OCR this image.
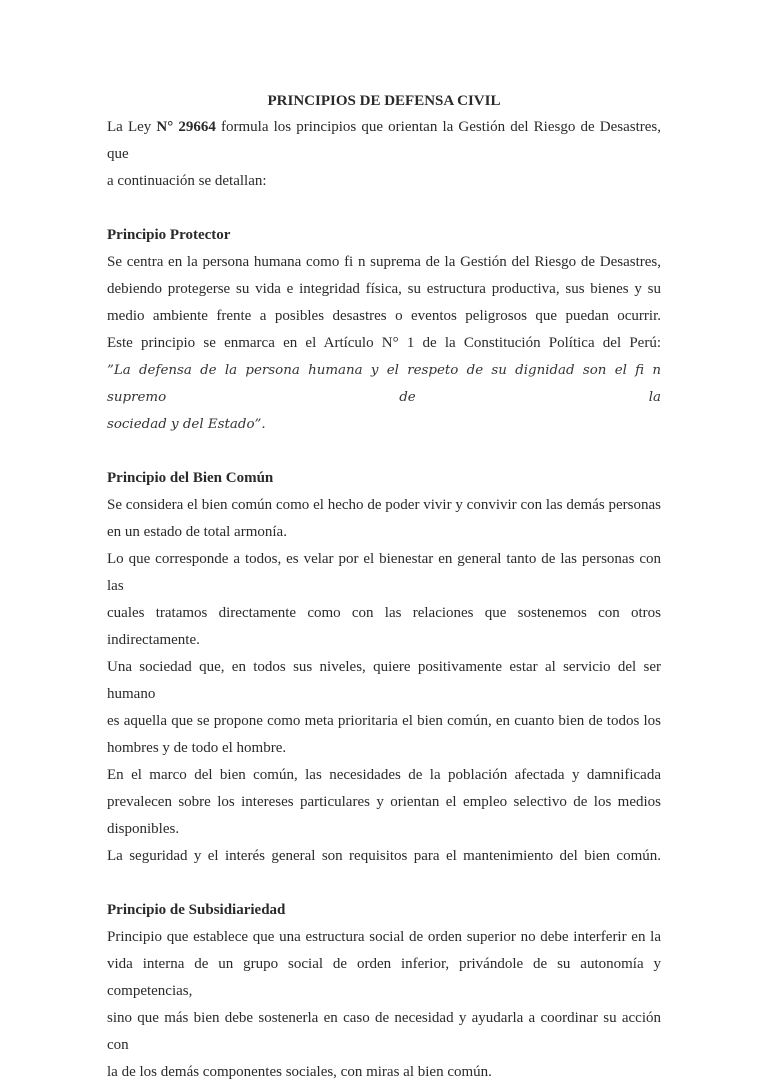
PRINCIPIOS DE DEFENSA CIVIL
La Ley N° 29664 formula los principios que orientan la Gestión del Riesgo de Desastres, que
a continuación se detallan:
Principio Protector
Se centra en la persona humana como fi n suprema de la Gestión del Riesgo de Desastres,
debiendo protegerse su vida e integridad física, su estructura productiva, sus bienes y su
medio ambiente frente a posibles desastres o eventos peligrosos que puedan ocurrir.
Este principio se enmarca en el Artículo N° 1 de la Constitución Política del Perú:
”La defensa de la persona humana y el respeto de su dignidad son el fi n supremo de la
sociedad y del Estado”.
Principio del Bien Común
Se considera el bien común como el hecho de poder vivir y convivir con las demás personas
en un estado de total armonía.
Lo que corresponde a todos, es velar por el bienestar en general tanto de las personas con las
cuales tratamos directamente como con las relaciones que sostenemos con otros
indirectamente.
Una sociedad que, en todos sus niveles, quiere positivamente estar al servicio del ser humano
es aquella que se propone como meta prioritaria el bien común, en cuanto bien de todos los
hombres y de todo el hombre.
En el marco del bien común, las necesidades de la población afectada y damnificada
prevalecen sobre los intereses particulares y orientan el empleo selectivo de los medios
disponibles.
La seguridad y el interés general son requisitos para el mantenimiento del bien común.
Principio de Subsidiariedad
Principio que establece que una estructura social de orden superior no debe interferir en la
vida interna de un grupo social de orden inferior, privándole de su autonomía y competencias,
sino que más bien debe sostenerla en caso de necesidad y ayudarla a coordinar su acción con
la de los demás componentes sociales, con miras al bien común.
